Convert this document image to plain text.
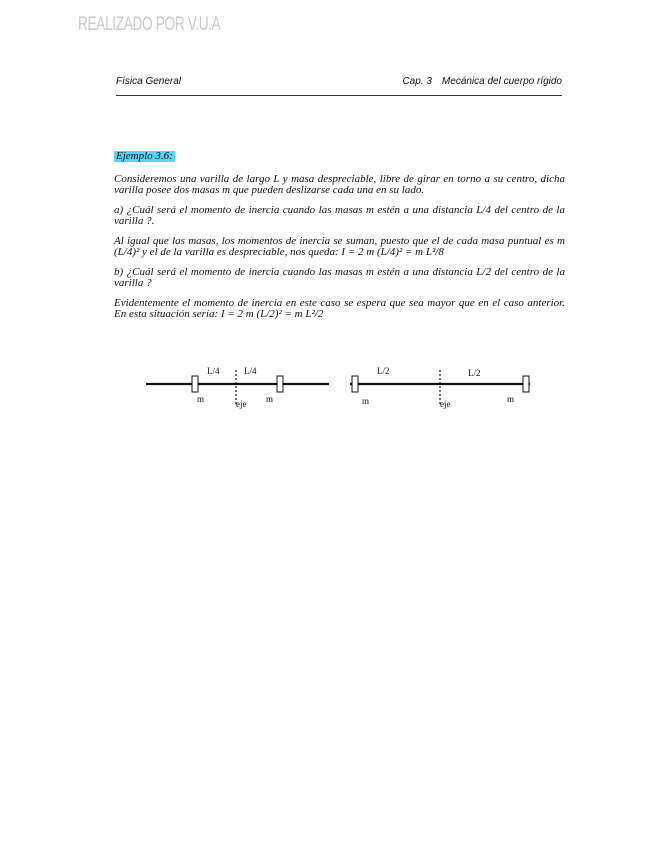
REALIZADO POR V.U.A
Física General	Cap. 3 Mecánica del cuerpo rígido
Ejemplo 3.6:

Consideremos una varilla de largo L y masa despreciable, libre de girar en torno a su centro, dicha varilla posee dos masas m que pueden deslizarse cada una en su lado.

a) ¿Cuál será el momento de inercia cuando las masas m estén a una distancia L/4 del centro de la varilla ?.

Al igual que las masas, los momentos de inercia se suman, puesto que el de cada masa puntual es m (L/4)² y el de la varilla es despreciable, nos queda: I = 2 m (L/4)² = m L²/8

b) ¿Cuál será el momento de inercia cuando las masas m estén a una distancia L/2 del centro de la varilla ?

Evidentemente el momento de inercia en este caso se espera que sea mayor que en el caso anterior. En esta situación sería: I = 2 m (L/2)² = m L²/2

L/4	L/4
m	m
eje
L/2	L/2
m	m
eje
